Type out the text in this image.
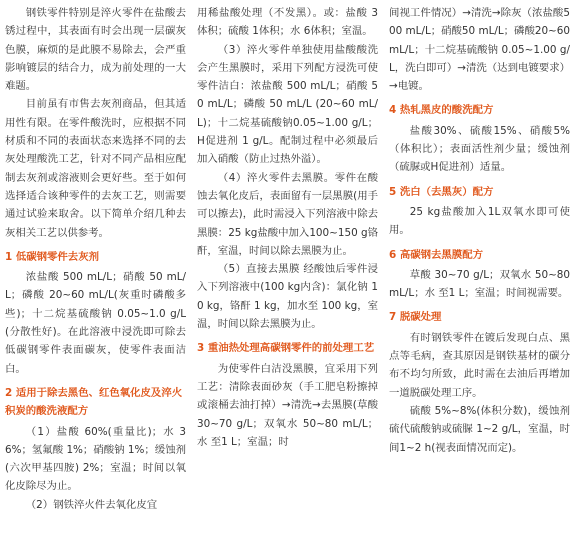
钢铁零件特别是淬火零件在盐酸去锈过程中，其表面有时会出现一层碳灰色膜，麻烦的是此膜不易除去，会严重影响镀层的结合力，成为前处理的一大难题。

目前虽有市售去灰剂商品，但其适用性有限。在零件酸洗时，应根据不同材质和不同的表面状态来选择不同的去灰处理酸洗工艺，针对不同产品相应配制去灰剂或溶液则会更好些。至于如何选择适合该种零件的去灰工艺，则需要通过试验来取舍。以下简单介绍几种去灰相关工艺以供参考。

1 低碳钢零件去灰剂

浓盐酸 500 mL/L；硝酸 50 mL/L；磷酸 20~60 mL/L(灰重时磷酸多些)；十二烷基硫酸钠 0.05~1.0 g/L(分散性好)。在此溶液中浸洗即可除去低碳钢零件表面碳灰，使零件表面洁白。

2 适用于除去黑色、红色氧化皮及淬火积炭的酸洗液配方

（1）盐酸 60%(重量比)；水 36%；氢氟酸 1%；硝酸钠 1%；缓蚀剂(六次甲基四胺) 2%；室温；时间以氧化皮除尽为止。

（2）钢铁淬火件去氧化皮宜

用稀盐酸处理（不发黑）。或：盐酸 3体积；硫酸 1体积；水 6体积；室温。

（3）淬火零件单独使用盐酸酸洗会产生黑膜时，采用下列配方浸洗可使零件洁白：浓盐酸 500 mL/L；硝酸 50 mL/L；磷酸 50 mL/L (20~60 mL/L)；十二烷基硫酸钠0.05~1.00 g/L；H促进剂 1 g/L。配制过程中必须最后加入硝酸（防止过热外溢）。

（4）淬火零件去黑膜。零件在酸蚀去氧化皮后，表面留有一层黑膜(用手可以擦去)，此时需浸入下列溶液中除去黑膜：25 kg盐酸中加入100~150 g铬酐，室温，时间以除去黑膜为止。

（5）直接去黑膜 经酸蚀后零件浸入下列溶液中(100 kg内含)：氯化钠 10 kg，铬酐 1 kg，加水至 100 kg，室温，时间以除去黑膜为止。

3 重油热处理高碳钢零件的前处理工艺

为使零件白洁没黑膜，宜采用下列工艺：清除表面砂灰（手工肥皂粉擦掉或滚桶去油打掉）→清洗→去黑膜(草酸30~70 g/L；双氧水 50~80 mL/L；水 至1 L；室温；时

间视工件情况）→清洗→除灰（浓盐酸500 mL/L；硝酸50 mL/L；磷酸20~60 mL/L；十二烷基硫酸钠 0.05~1.00 g/L，洗白即可）→清洗（达到电镀要求）→电镀。

4 热轧黑皮的酸洗配方

盐酸30%、硫酸15%、硝酸5%（体积比）；表面活性剂少量；缓蚀剂（硫脲或H促进剂）适量。

5 洗白（去黑灰）配方

25 kg盐酸加入1L双氧水即可使用。

6 高碳钢去黑膜配方

草酸 30~70 g/L；双氧水 50~80 mL/L；水 至1 L；室温；时间视需要。

7 脱碳处理

有时钢铁零件在镀后发现白点、黑点等毛病，查其原因是钢铁基材的碳分布不均匀所致，此时需在去油后再增加一道脱碳处理工序。

硫酸 5%~8%(体积分数)，缓蚀剂 硫代硫酸钠或硫脲 1~2 g/L，室温，时间1~2 h(视表面情况而定)。
